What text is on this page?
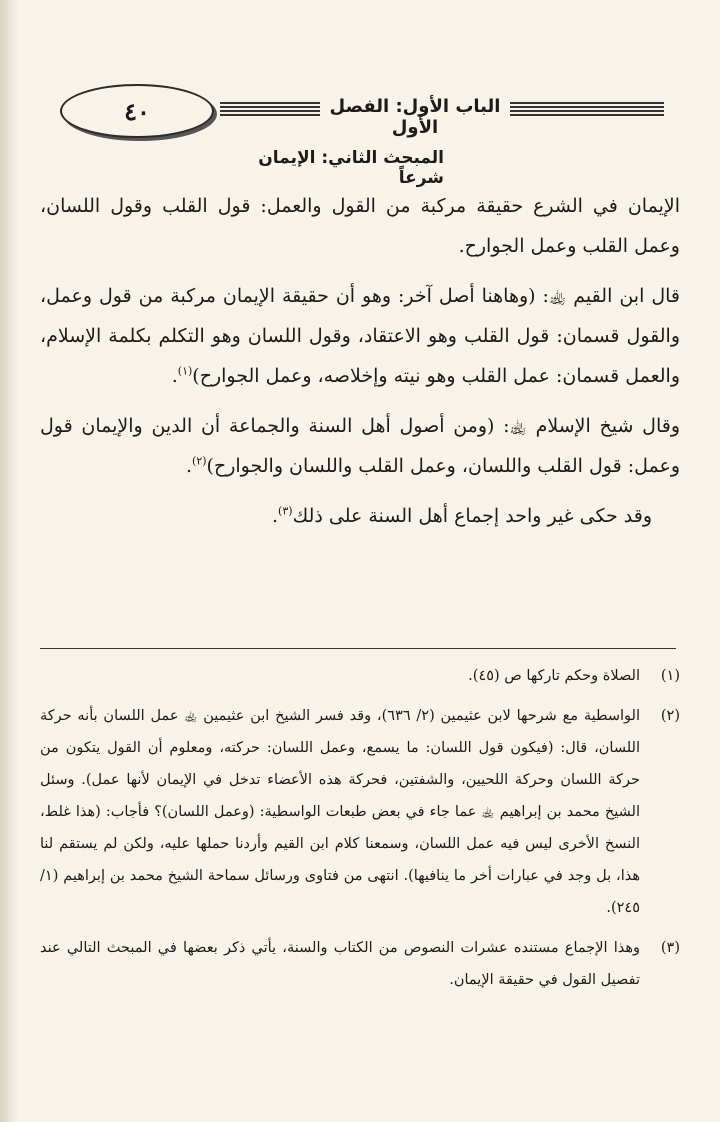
٤٠	الباب الأول: الفصل الأول
المبحث الثاني: الإيمان شرعاً

الإيمان في الشرع حقيقة مركبة من القول والعمل: قول القلب وقول اللسان، وعمل القلب وعمل الجوارح.

قال ابن القيم ﵀: (وهاهنا أصل آخر: وهو أن حقيقة الإيمان مركبة من قول وعمل، والقول قسمان: قول القلب وهو الاعتقاد، وقول اللسان وهو التكلم بكلمة الإسلام، والعمل قسمان: عمل القلب وهو نيته وإخلاصه، وعمل الجوارح)$^{(١)}$.

وقال شيخ الإسلام ﵀: (ومن أصول أهل السنة والجماعة أن الدين والإيمان قول وعمل: قول القلب واللسان، وعمل القلب واللسان والجوارح)$^{(٢)}$.

وقد حكى غير واحد إجماع أهل السنة على ذلك$^{(٣)}$.

(١)
الصلاة وحكم تاركها ص (٤٥).
(٢)
الواسطية مع شرحها لابن عثيمين (٢/ ٦٣٦)، وقد فسر الشيخ ابن عثيمين ﵀ عمل اللسان بأنه حركة اللسان، قال: (فيكون قول اللسان: ما يسمع، وعمل اللسان: حركته، ومعلوم أن القول يتكون من حركة اللسان وحركة اللحيين، والشفتين، فحركة هذه الأعضاء تدخل في الإيمان لأنها عمل). وسئل الشيخ محمد بن إبراهيم ﵀ عما جاء في بعض طبعات الواسطية: (وعمل اللسان)؟ فأجاب: (هذا غلط، النسخ الأخرى ليس فيه عمل اللسان، وسمعنا كلام ابن القيم وأردنا حملها عليه، ولكن لم يستقم لنا هذا، بل وجد في عبارات أخر ما ينافيها). انتهى من فتاوى ورسائل سماحة الشيخ محمد بن إبراهيم (١/ ٢٤٥).
(٣)
وهذا الإجماع مستنده عشرات النصوص من الكتاب والسنة، يأتي ذكر بعضها في المبحث التالي عند تفصيل القول في حقيقة الإيمان.
